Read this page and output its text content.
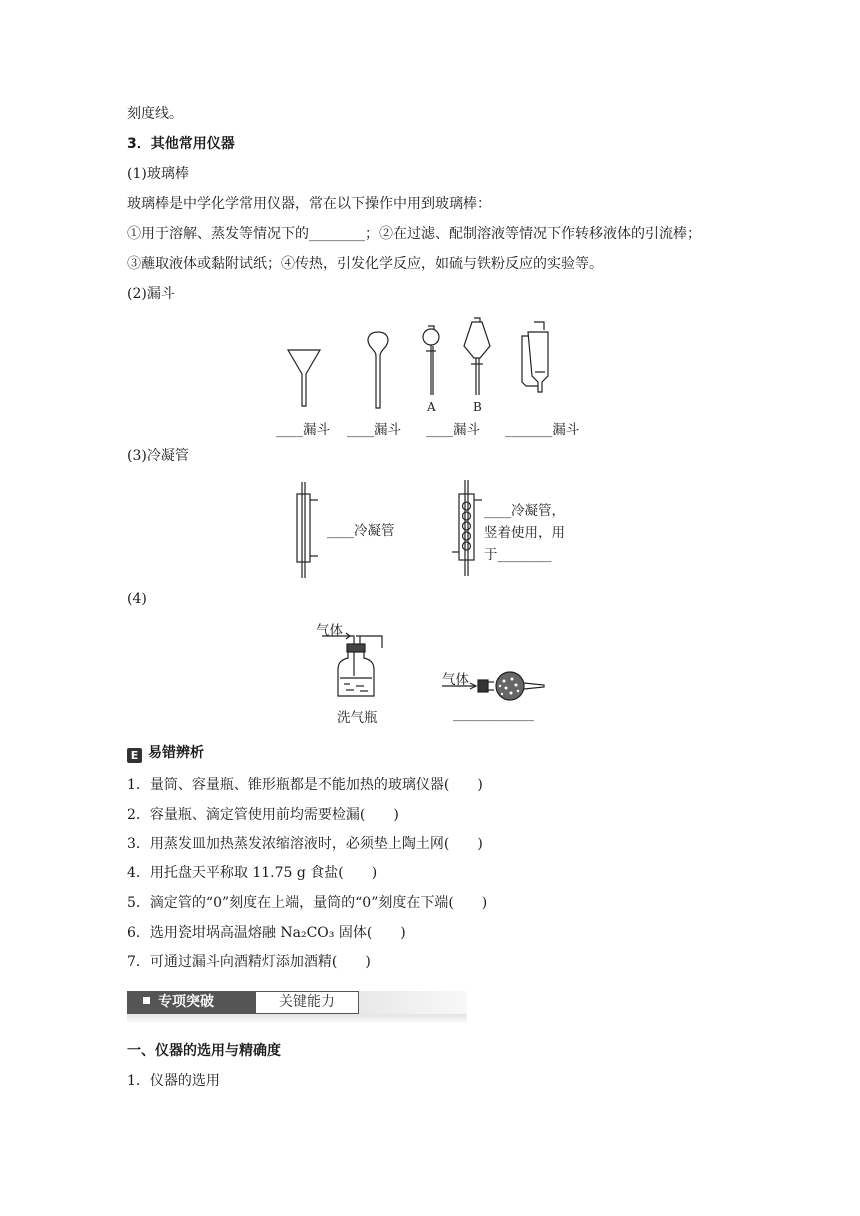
刻度线。
3．其他常用仪器
(1)玻璃棒
玻璃棒是中学化学常用仪器，常在以下操作中用到玻璃棒：
①用于溶解、蒸发等情况下的________；②在过滤、配制溶液等情况下作转移液体的引流棒；
③蘸取液体或黏附试纸；④传热，引发化学反应，如硫与铁粉反应的实验等。
(2)漏斗
A	B
____漏斗 ____漏斗 ____漏斗 _______漏斗
(3)冷凝管
____冷凝管
____冷凝管，
竖着使用，用
于________
(4)
气体
洗气瓶
气体
____________
E 易错辨析
1．量筒、容量瓶、锥形瓶都是不能加热的玻璃仪器(　　)
2．容量瓶、滴定管使用前均需要检漏(　　)
3．用蒸发皿加热蒸发浓缩溶液时，必须垫上陶土网(　　)
4．用托盘天平称取 11.75 g 食盐(　　)
5．滴定管的“0”刻度在上端，量筒的“0”刻度在下端(　　)
6．选用瓷坩埚高温熔融 Na₂CO₃ 固体(　　)
7．可通过漏斗向酒精灯添加酒精(　　)
专项突破	关键能力
一、仪器的选用与精确度
1．仪器的选用
